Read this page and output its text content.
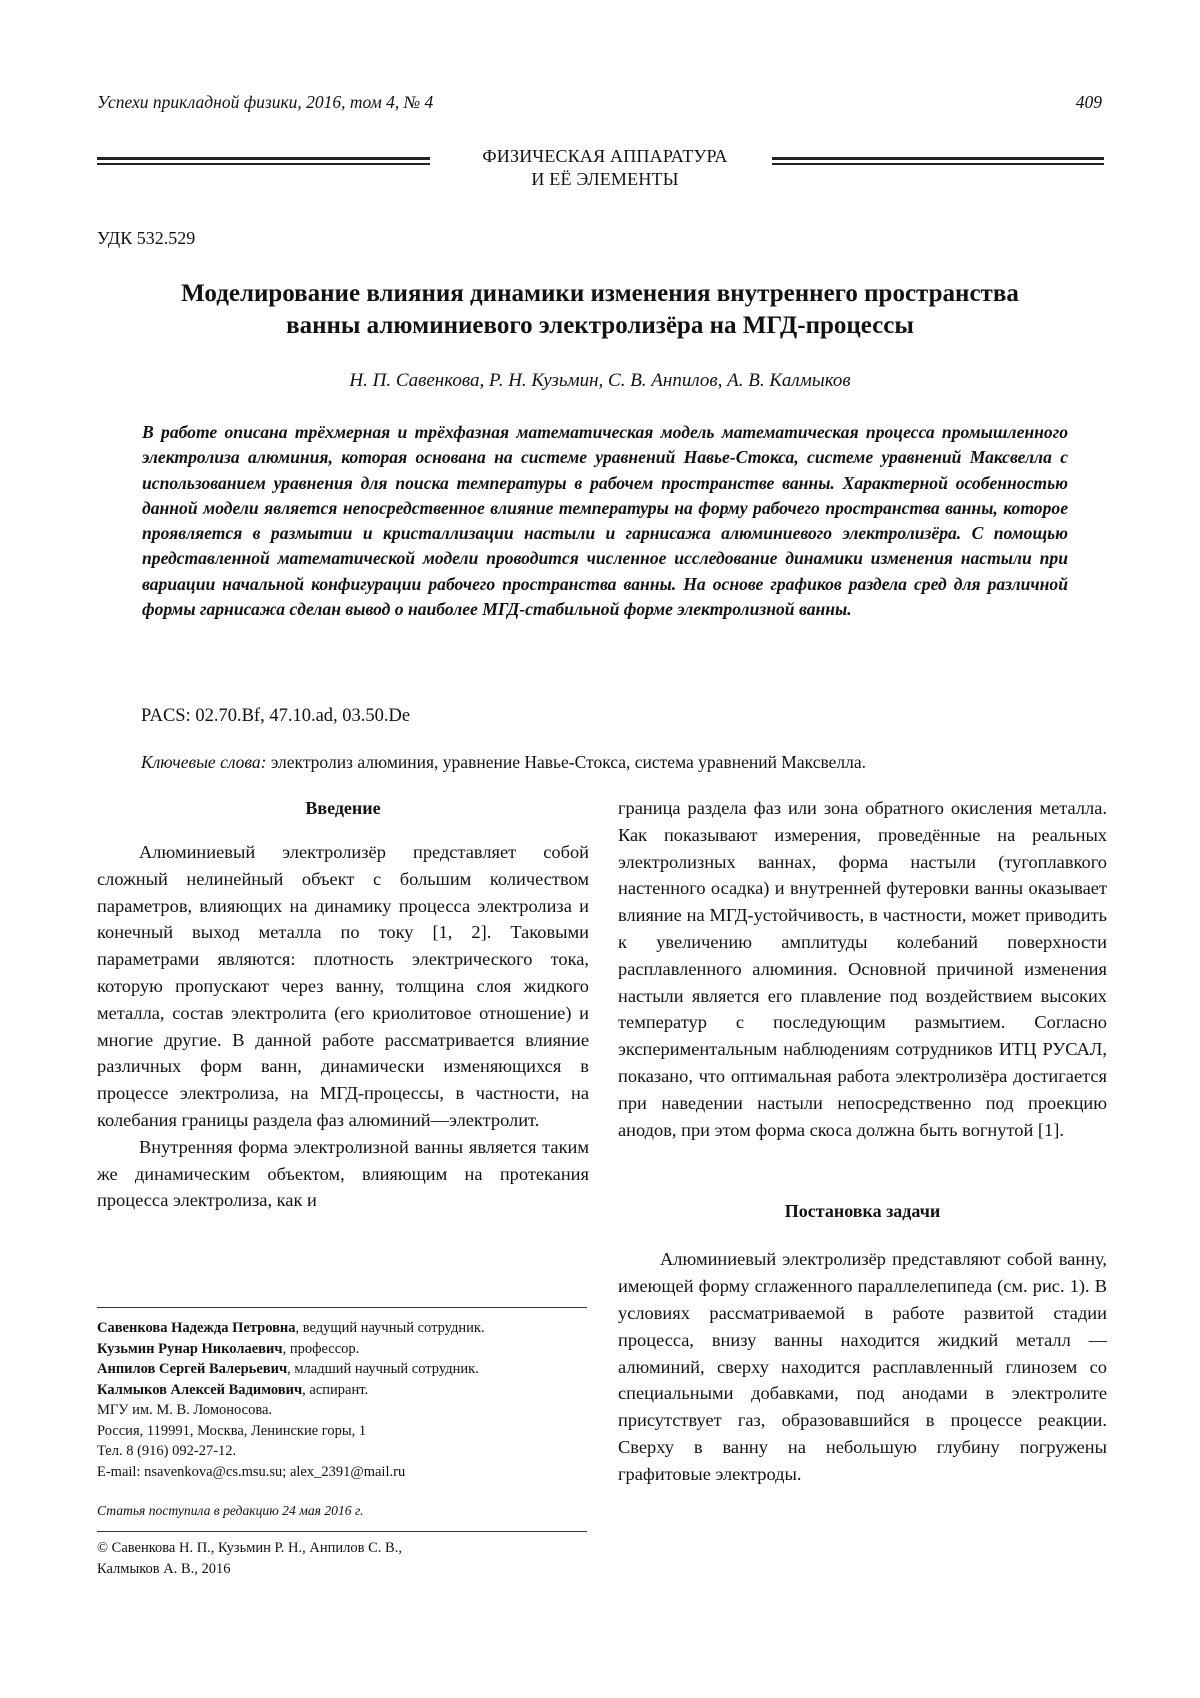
Успехи прикладной физики, 2016, том 4, № 4	409
ФИЗИЧЕСКАЯ АППАРАТУРА
И ЕЁ ЭЛЕМЕНТЫ
УДК 532.529
Моделирование влияния динамики изменения внутреннего пространства
ванны алюминиевого электролизёра на МГД-процессы
Н. П. Савенкова, Р. Н. Кузьмин, С. В. Анпилов, А. В. Калмыков
В работе описана трёхмерная и трёхфазная математическая модель математическая процесса промышленного электролиза алюминия, которая основана на системе уравнений Навье-Стокса, системе уравнений Максвелла с использованием уравнения для поиска температуры в рабочем пространстве ванны. Характерной особенностью данной модели является непосредственное влияние температуры на форму рабочего пространства ванны, которое проявляется в размытии и кристаллизации настыли и гарнисажа алюминиевого электролизёра. С помощью представленной математической модели проводится численное исследование динамики изменения настыли при вариации начальной конфигурации рабочего пространства ванны. На основе графиков раздела сред для различной формы гарнисажа сделан вывод о наиболее МГД-стабильной форме электролизной ванны.
PACS: 02.70.Bf, 47.10.ad, 03.50.De
Ключевые слова: электролиз алюминия, уравнение Навье-Стокса, система уравнений Максвелла.
Введение

Алюминиевый электролизёр представляет собой сложный нелинейный объект с большим количеством параметров, влияющих на динамику процесса электролиза и конечный выход металла по току [1, 2]. Таковыми параметрами являются: плотность электрического тока, которую пропускают через ванну, толщина слоя жидкого металла, состав электролита (его криолитовое отношение) и многие другие. В данной работе рассматривается влияние различных форм ванн, динамически изменяющихся в процессе электролиза, на МГД-процессы, в частности, на колебания границы раздела фаз алюминий—электролит.

Внутренняя форма электролизной ванны является таким же динамическим объектом, влияющим на протекания процесса электролиза, как и

граница раздела фаз или зона обратного окисления металла. Как показывают измерения, проведённые на реальных электролизных ваннах, форма настыли (тугоплавкого настенного осадка) и внутренней футеровки ванны оказывает влияние на МГД-устойчивость, в частности, может приводить к увеличению амплитуды колебаний поверхности расплавленного алюминия. Основной причиной изменения настыли является его плавление под воздействием высоких температур с последующим размытием. Согласно экспериментальным наблюдениям сотрудников ИТЦ РУСАЛ, показано, что оптимальная работа электролизёра достигается при наведении настыли непосредственно под проекцию анодов, при этом форма скоса должна быть вогнутой [1].

Постановка задачи

Алюминиевый электролизёр представляют собой ванну, имеющей форму сглаженного параллелепипеда (см. рис. 1). В условиях рассматриваемой в работе развитой стадии процесса, внизу ванны находится жидкий металл — алюминий, сверху находится расплавленный глинозем со специальными добавками, под анодами в электролите присутствует газ, образовавшийся в процессе реакции. Сверху в ванну на небольшую глубину погружены графитовые электроды.

Савенкова Надежда Петровна, ведущий научный сотрудник.
Кузьмин Рунар Николаевич, профессор.
Анпилов Сергей Валерьевич, младший научный сотрудник.
Калмыков Алексей Вадимович, аспирант.
МГУ им. М. В. Ломоносова.
Россия, 119991, Москва, Ленинские горы, 1
Тел. 8 (916) 092-27-12.
E-mail: nsavenkova@cs.msu.su; alex_2391@mail.ru
Статья поступила в редакцию 24 мая 2016 г.
© Савенкова Н. П., Кузьмин Р. Н., Анпилов С. В.,
Калмыков А. В., 2016
